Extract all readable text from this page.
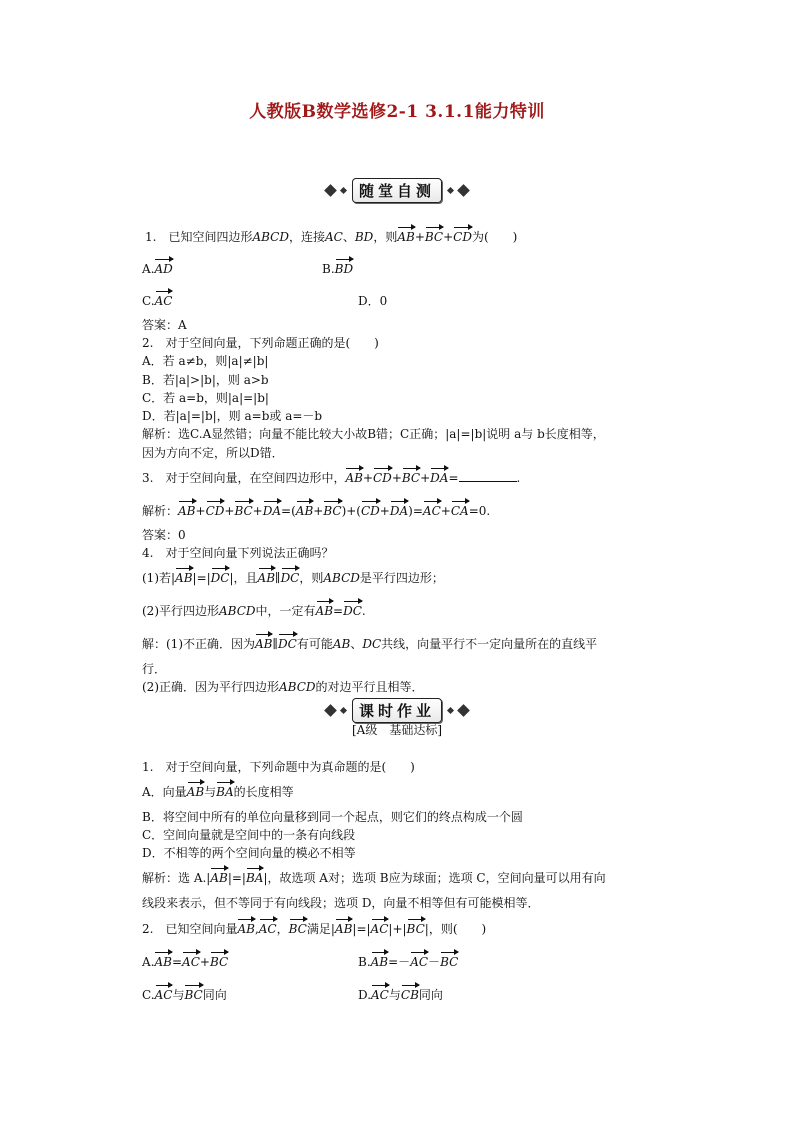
人教版B数学选修2-1 3.1.1能力特训
随堂自测
1.　已知空间四边形ABCD，连接AC、BD，则AB+BC+CD为(　　)
A.AD	B.BD
C.AC	D．0
答案：A
2.　对于空间向量，下列命题正确的是(　　)
A．若 a≠b，则|a|≠|b|
B．若|a|>|b|，则 a>b
C．若 a=b，则|a|=|b|
D．若|a|=|b|，则 a=b或 a=－b
解析：选C.A显然错；向量不能比较大小故B错；C正确；|a|=|b|说明 a与 b长度相等，
因为方向不定，所以D错．
3.　对于空间向量，在空间四边形中，AB+CD+BC+DA=	.
解析：AB+CD+BC+DA=(AB+BC)+(CD+DA)=AC+CA=0.
答案：0
4.　对于空间向量下列说法正确吗？
(1)若|AB|=|DC|，且AB∥DC，则ABCD是平行四边形；
(2)平行四边形ABCD中，一定有AB=DC.
解：(1)不正确．因为AB∥DC有可能AB、DC共线，向量平行不一定向量所在的直线平
行．
(2)正确．因为平行四边形ABCD的对边平行且相等．
课时作业
[A级　基础达标]
1.　对于空间向量，下列命题中为真命题的是(　　)
A．向量AB与BA的长度相等
B．将空间中所有的单位向量移到同一个起点，则它们的终点构成一个圆
C．空间向量就是空间中的一条有向线段
D．不相等的两个空间向量的模必不相等
解析：选 A.|AB|=|BA|，故选项 A对；选项 B应为球面；选项 C，空间向量可以用有向
线段来表示，但不等同于有向线段；选项 D，向量不相等但有可能模相等．
2.　已知空间向量AB,AC，BC满足|AB|=|AC|+|BC|，则(　　)
A.AB=AC+BC	B.AB=－AC－BC
C.AC与BC同向	D.AC与CB同向
